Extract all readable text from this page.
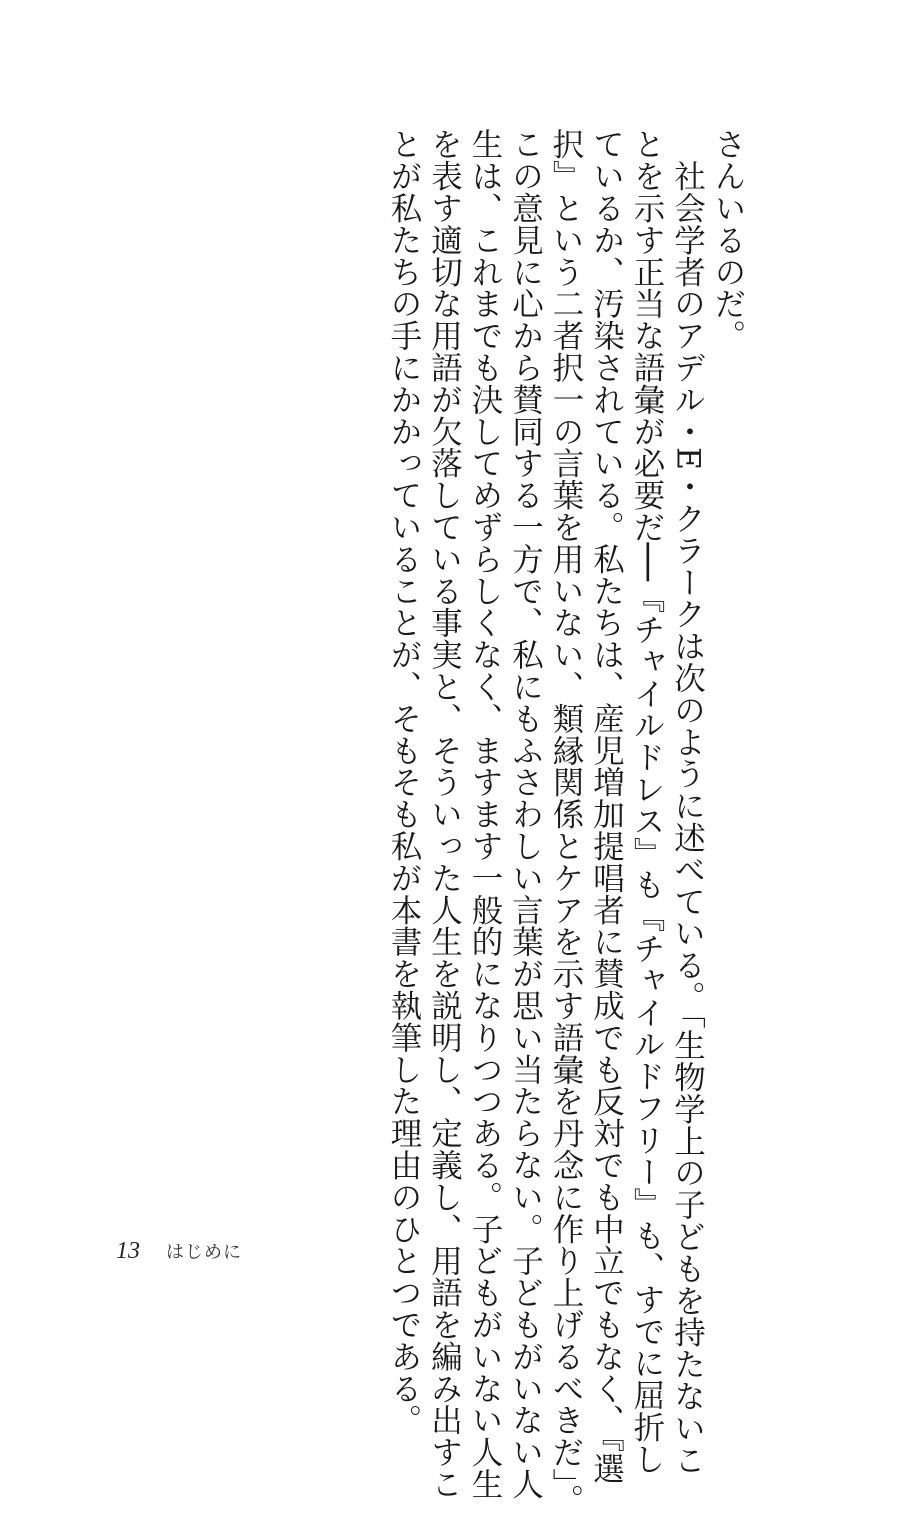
さんいるのだ。
　社会学者のアデル・E・クラークは次のように述べている。「生物学上の子どもを持たないこ
とを示す正当な語彙が必要だ──『チャイルドレス』も『チャイルドフリー』も、すでに屈折し
ているか、汚染されている。私たちは、産児増加提唱者に賛成でも反対でも中立でもなく、『選
択』という二者択一の言葉を用いない、類縁関係とケアを示す語彙を丹念に作り上げるべきだ」。
この意見に心から賛同する一方で、私にもふさわしい言葉が思い当たらない。子どもがいない人
生は、これまでも決してめずらしくなく、ますます一般的になりつつある。子どもがいない人生
を表す適切な用語が欠落している事実と、そういった人生を説明し、定義し、用語を編み出すこ
とが私たちの手にかかっていることが、そもそも私が本書を執筆した理由のひとつである。
13 はじめに
